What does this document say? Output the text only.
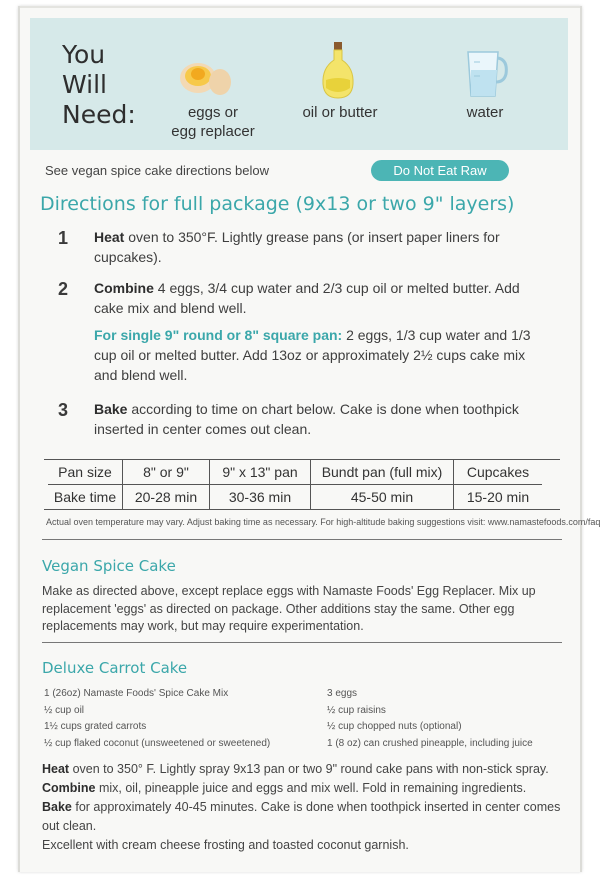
You
Will
Need:	eggs or
egg replacer
oil or butter	water
See vegan spice cake directions below	Do Not Eat Raw
Directions for full package (9x13 or two 9" layers)
1 Heat oven to 350°F. Lightly grease pans (or insert paper liners for cupcakes).
2 Combine 4 eggs, 3/4 cup water and 2/3 cup oil or melted butter. Add cake mix and blend well.
For single 9" round or 8" square pan: 2 eggs, 1/3 cup water and 1/3 cup oil or melted butter. Add 13oz or approximately 2½ cups cake mix and blend well.
3 Bake according to time on chart below. Cake is done when toothpick inserted in center comes out clean.
Pan size	8" or 9"	9" x 13" pan	Bundt pan (full mix)	Cupcakes
Bake time	20-28 min	30-36 min	45-50 min	15-20 min
Actual oven temperature may vary. Adjust baking time as necessary. For high-altitude baking suggestions visit: www.namastefoods.com/faq
Vegan Spice Cake
Make as directed above, except replace eggs with Namaste Foods' Egg Replacer. Mix up replacement 'eggs' as directed on package. Other additions stay the same. Other egg replacements may work, but may require experimentation.
Deluxe Carrot Cake
1 (26oz) Namaste Foods' Spice Cake Mix
½ cup oil
1½ cups grated carrots
½ cup flaked coconut (unsweetened or sweetened)
3 eggs
½ cup raisins
½ cup chopped nuts (optional)
1 (8 oz) can crushed pineapple, including juice
Heat oven to 350° F. Lightly spray 9x13 pan or two 9" round cake pans with non-stick spray.
Combine mix, oil, pineapple juice and eggs and mix well. Fold in remaining ingredients.
Bake for approximately 40-45 minutes. Cake is done when toothpick inserted in center comes out clean.
Excellent with cream cheese frosting and toasted coconut garnish.
